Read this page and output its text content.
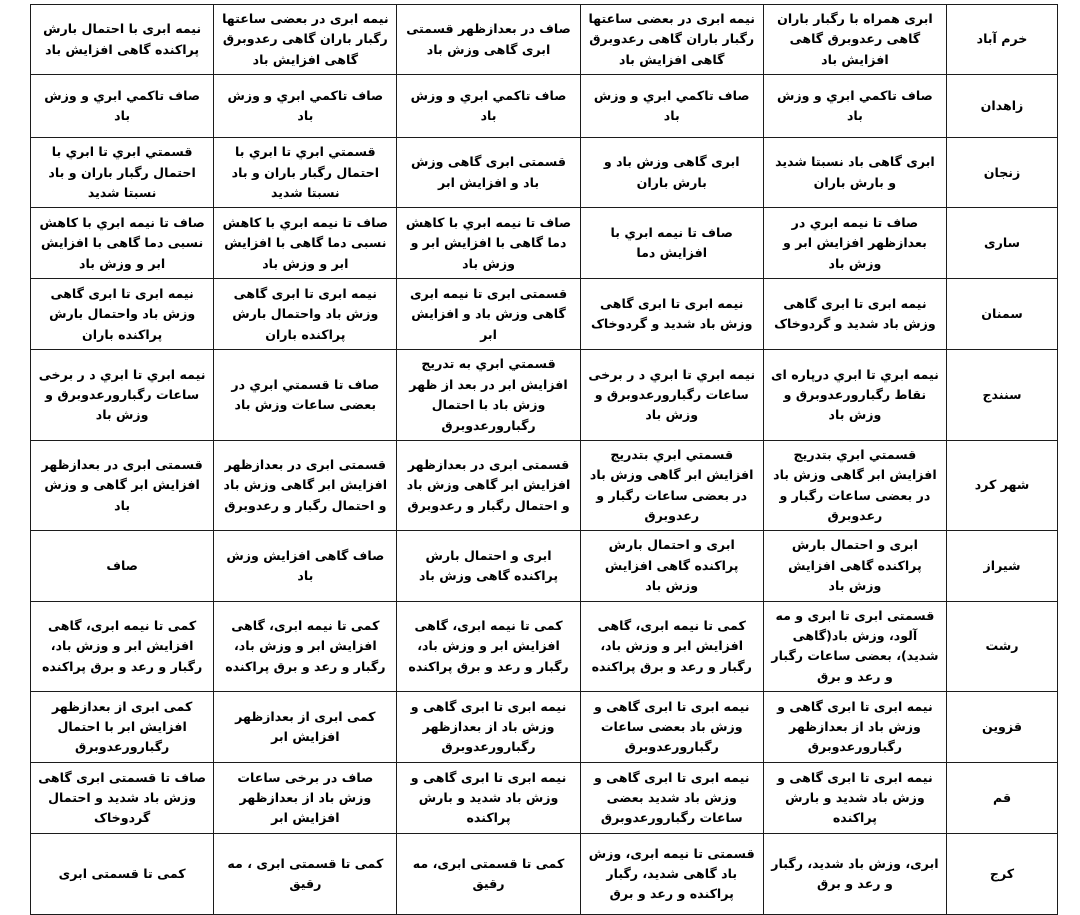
خرم آباد	ابری همراه با رگبار باران گاهی رعدوبرق گاهی افزایش باد	نیمه ابری در بعضی ساعتها رگبار باران گاهی رعدوبرق گاهی افزایش باد	صاف در بعدازظهر قسمتی ابری گاهی وزش باد	نیمه ابری در بعضی ساعتها رگبار باران گاهی رعدوبرق گاهی افزایش باد	نیمه ابری با احتمال بارش پراکنده گاهی افزایش باد
زاهدان	صاف تاکمي ابري و وزش باد	صاف تاکمي ابري و وزش باد	صاف تاکمي ابري و وزش باد	صاف تاکمي ابري و وزش باد	صاف تاکمي ابري و وزش باد
زنجان	ابری گاهی باد نسبتا شدید و بارش باران	ابری گاهی وزش باد و بارش باران	قسمتی ابری گاهی وزش باد و افزایش ابر	قسمتي ابري تا ابري با احتمال رگبار باران و باد نسبتا شدید	قسمتي ابري تا ابري با احتمال رگبار باران و باد نسبتا شدید
ساری	صاف تا نیمه ابري در بعدازظهر افزایش ابر و وزش باد	صاف تا نیمه ابري با افزایش دما	صاف تا نیمه ابري با کاهش دما گاهی با افزایش ابر و وزش باد	صاف تا نیمه ابري با کاهش نسبی دما گاهی با افزایش ابر و وزش باد	صاف تا نیمه ابري با کاهش نسبی دما گاهی با افزایش ابر و وزش باد
سمنان	نیمه ابری تا ابری گاهی وزش باد شدید و گردوخاک	نیمه ابری تا ابری گاهی وزش باد شدید و گردوخاک	قسمتی ابری تا نیمه ابری گاهی وزش باد و افزایش ابر	نیمه ابری تا ابری گاهی وزش باد واحتمال بارش پراکنده باران	نیمه ابری تا ابری گاهی وزش باد واحتمال بارش پراکنده باران
سنندج	نیمه ابري تا ابري درپاره ای نقاط رگبارورعدوبرق و وزش باد	نیمه ابري تا ابري د ر برخی ساعات رگبارورعدوبرق و وزش باد	قسمتي ابري به تدریج افزایش ابر در بعد از ظهر وزش باد با احتمال رگبارورعدوبرق	صاف تا قسمتي ابري در بعضی ساعات وزش باد	نیمه ابري تا ابري د ر برخی ساعات رگبارورعدوبرق و وزش باد
شهر کرد	قسمتي ابري بتدریج افزایش ابر گاهی وزش باد در بعضی ساعات رگبار و رعدوبرق	قسمتي ابري بتدریج افزایش ابر گاهی وزش باد در بعضی ساعات رگبار و رعدوبرق	قسمتی ابری در بعدازظهر افزایش ابر گاهی وزش باد و احتمال رگبار و رعدوبرق	قسمتی ابری در بعدازظهر افزایش ابر گاهی وزش باد و احتمال رگبار و رعدوبرق	قسمتی ابری در بعدازظهر افزایش ابر گاهی و وزش باد
شیراز	ابری و احتمال بارش پراکنده گاهی افزایش وزش باد	ابری و احتمال بارش پراکنده گاهی افزایش وزش باد	ابری و احتمال بارش پراکنده گاهی وزش باد	صاف گاهی افزایش وزش باد	صاف
رشت	قسمتی ابری تا ابری و مه آلود، وزش باد(گاهی شدید)، بعضی ساعات رگبار و رعد و برق	کمی تا نیمه ابری، گاهی افزایش ابر و وزش باد، رگبار و رعد و برق پراکنده	کمی تا نیمه ابری، گاهی افزایش ابر و وزش باد، رگبار و رعد و برق پراکنده	کمی تا نیمه ابری، گاهی افزایش ابر و وزش باد، رگبار و رعد و برق پراکنده	کمی تا نیمه ابری، گاهی افزایش ابر و وزش باد، رگبار و رعد و برق پراکنده
قزوین	نیمه ابری تا ابری گاهی و وزش باد از بعدازظهر رگبارورعدوبرق	نیمه ابری تا ابری گاهی و وزش باد بعضی ساعات رگبارورعدوبرق	نیمه ابری تا ابری گاهی و وزش باد از بعدازظهر رگبارورعدوبرق	کمی ابری از بعدازظهر افزایش ابر	کمی ابری از بعدازظهر افزایش ابر با احتمال رگبارورعدوبرق
قم	نیمه ابری تا ابری گاهی و وزش باد شدید و بارش پراکنده	نیمه ابری تا ابری گاهی و وزش باد شدید بعضی ساعات رگبارورعدوبرق	نیمه ابری تا ابری گاهی و وزش باد شدید و بارش پراکنده	صاف در برخی ساعات وزش باد از بعدازظهر افزایش ابر	صاف تا قسمتی ابری گاهی وزش باد شدید و احتمال گردوخاک
کرج	ابری، وزش باد شدید، رگبار و رعد و برق	قسمتی تا نیمه ابری، وزش باد گاهی شدید، رگبار پراکنده و رعد و برق	کمی تا قسمتی ابری، مه رقیق	کمی تا قسمتی ابری ، مه رقیق	کمی تا قسمتی ابری
